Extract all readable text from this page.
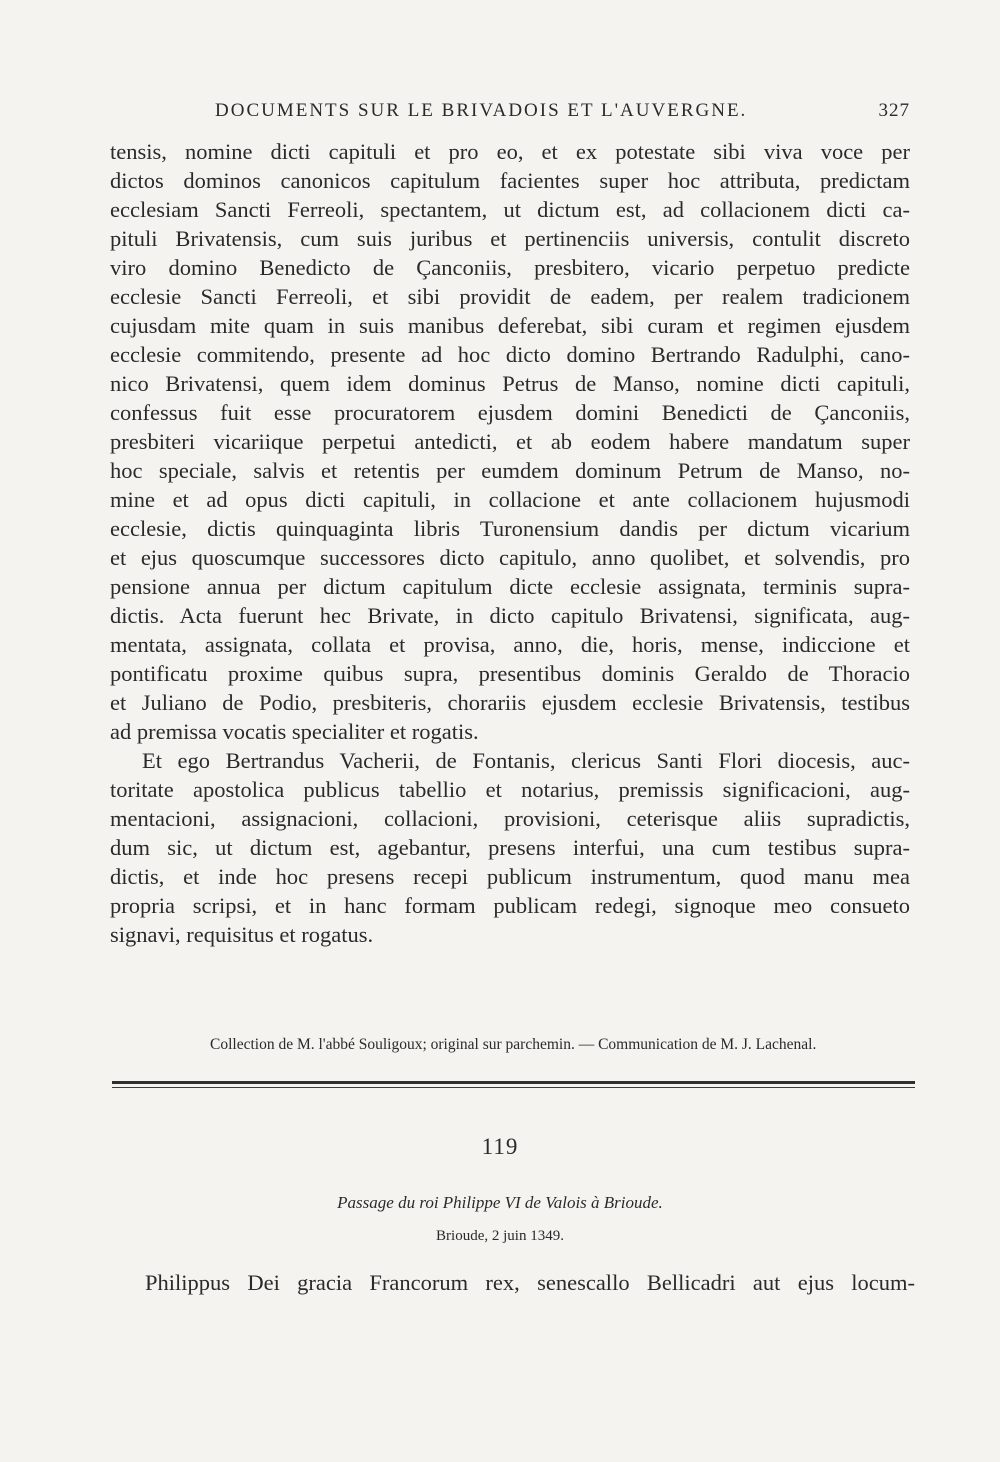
DOCUMENTS SUR LE BRIVADOIS ET L'AUVERGNE.	327
tensis, nomine dicti capituli et pro eo, et ex potestate sibi viva voce per
dictos dominos canonicos capitulum facientes super hoc attributa, predictam
ecclesiam Sancti Ferreoli, spectantem, ut dictum est, ad collacionem dicti ca-
pituli Brivatensis, cum suis juribus et pertinenciis universis, contulit discreto
viro domino Benedicto de Çanconiis, presbitero, vicario perpetuo predicte
ecclesie Sancti Ferreoli, et sibi providit de eadem, per realem tradicionem
cujusdam mite quam in suis manibus deferebat, sibi curam et regimen ejusdem
ecclesie commitendo, presente ad hoc dicto domino Bertrando Radulphi, cano-
nico Brivatensi, quem idem dominus Petrus de Manso, nomine dicti capituli,
confessus fuit esse procuratorem ejusdem domini Benedicti de Çanconiis,
presbiteri vicariique perpetui antedicti, et ab eodem habere mandatum super
hoc speciale, salvis et retentis per eumdem dominum Petrum de Manso, no-
mine et ad opus dicti capituli, in collacione et ante collacionem hujusmodi
ecclesie, dictis quinquaginta libris Turonensium dandis per dictum vicarium
et ejus quoscumque successores dicto capitulo, anno quolibet, et solvendis, pro
pensione annua per dictum capitulum dicte ecclesie assignata, terminis supra-
dictis. Acta fuerunt hec Brivate, in dicto capitulo Brivatensi, significata, aug-
mentata, assignata, collata et provisa, anno, die, horis, mense, indiccione et
pontificatu proxime quibus supra, presentibus dominis Geraldo de Thoracio
et Juliano de Podio, presbiteris, chorariis ejusdem ecclesie Brivatensis, testibus
ad premissa vocatis specialiter et rogatis.
Et ego Bertrandus Vacherii, de Fontanis, clericus Santi Flori diocesis, auc-
toritate apostolica publicus tabellio et notarius, premissis significacioni, aug-
mentacioni, assignacioni, collacioni, provisioni, ceterisque aliis supradictis,
dum sic, ut dictum est, agebantur, presens interfui, una cum testibus supra-
dictis, et inde hoc presens recepi publicum instrumentum, quod manu mea
propria scripsi, et in hanc formam publicam redegi, signoque meo consueto
signavi, requisitus et rogatus.
Collection de M. l'abbé Souligoux; original sur parchemin. — Communication de M. J. Lachenal.
119
Passage du roi Philippe VI de Valois à Brioude.
Brioude, 2 juin 1349.
Philippus Dei gracia Francorum rex, senescallo Bellicadri aut ejus locum-
